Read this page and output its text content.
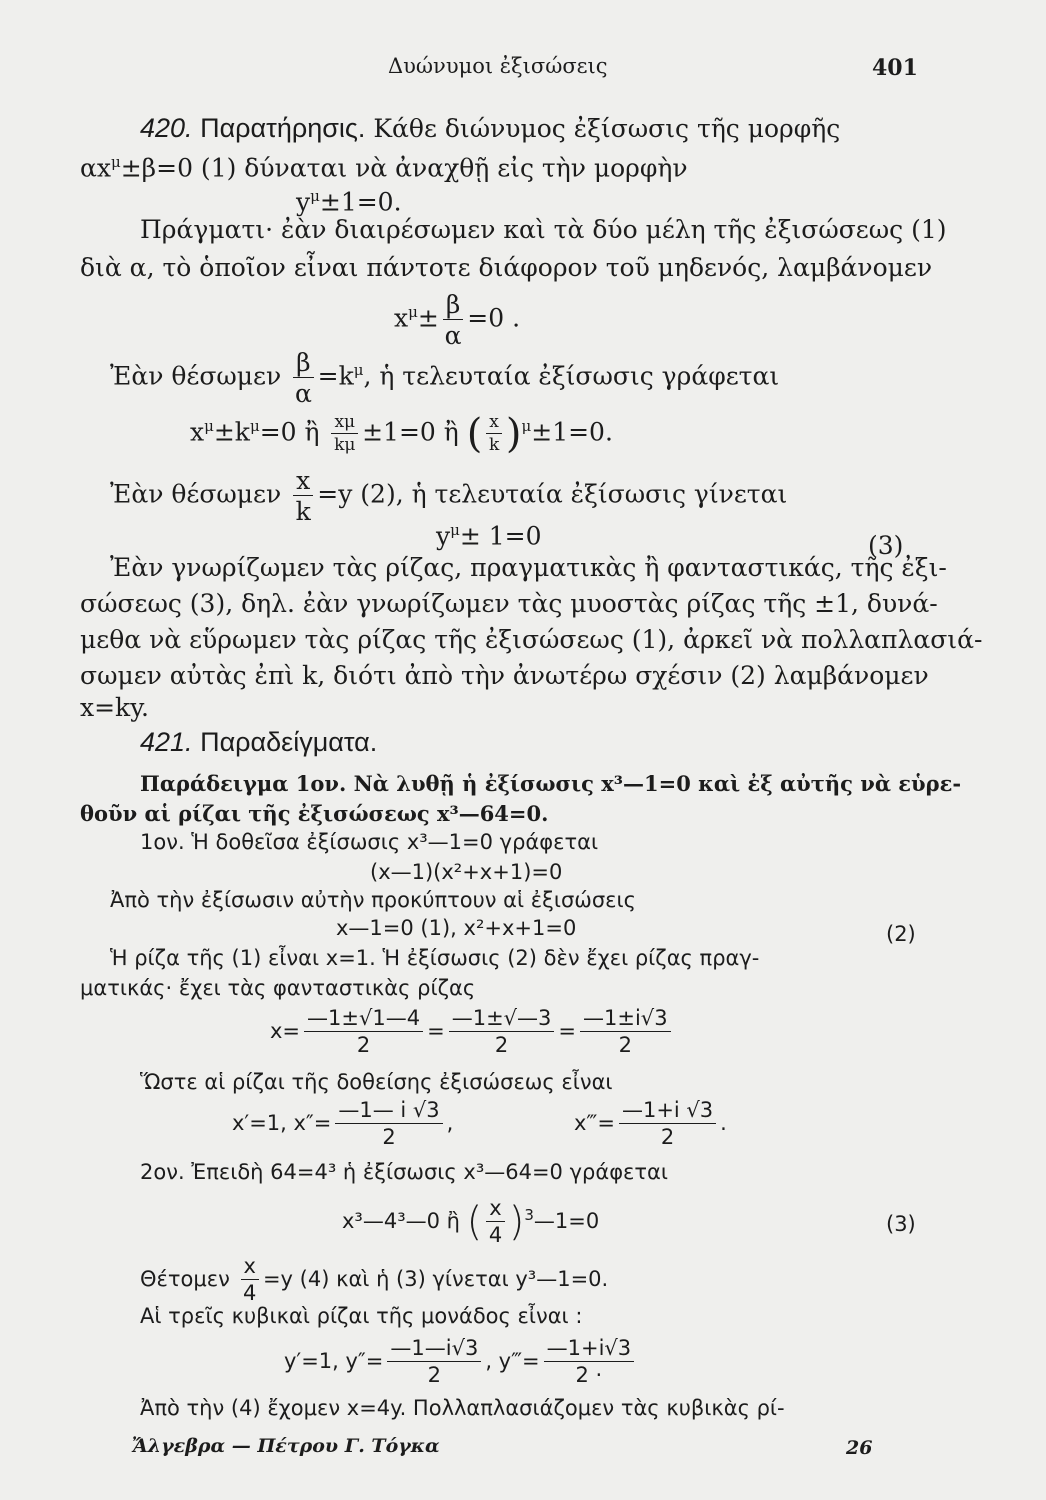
Δυώνυμοι ἐξισώσεις	401
420. Παρατήρησις. Κάθε διώνυμος ἐξίσωσις τῆς μορφῆς
$\alpha x^\mu\pm\beta=0$ (1) δύναται νὰ ἀναχθῇ εἰς τὴν μορφὴν
$y^\mu\pm 1=0$.
Πράγματι· ἐὰν διαιρέσωμεν καὶ τὰ δύο μέλη τῆς ἐξισώσεως (1)
διὰ α, τὸ ὁποῖον εἶναι πάντοτε διάφορον τοῦ μηδενός, λαμβάνομεν
$x^\mu\pm \frac{\beta}{\alpha} =0$ .
Ἐὰν θέσωμεν $\frac{\beta}{\alpha} =k^\mu$, ἡ τελευταία ἐξίσωσις γράφεται
$x^\mu\pm k^\mu=0$ ἢ $\frac{x\mu}{k\mu} \pm 1=0$ ἢ ( $\frac{x}{k} )^\mu\pm 1=0$.
Ἐὰν θέσωμεν $\frac{x}{k} =y$ (2), ἡ τελευταία ἐξίσωσις γίνεται
$y^\mu\pm 1=0$	(3)
Ἐὰν γνωρίζωμεν τὰς ρίζας, πραγματικὰς ἢ φανταστικάς, τῆς ἐξι-
σώσεως (3), δηλ. ἐὰν γνωρίζωμεν τὰς μυοστὰς ρίζας τῆς ±1, δυνά-
μεθα νὰ εὕρωμεν τὰς ρίζας τῆς ἐξισώσεως (1), ἀρκεῖ νὰ πολλαπλασιά-
σωμεν αὐτὰς ἐπὶ k, διότι ἀπὸ τὴν ἀνωτέρω σχέσιν (2) λαμβάνομεν
x=ky.
421. Παραδείγματα.
Παράδειγμα 1ον. Νὰ λυθῇ ἡ ἐξίσωσις x³—1=0 καὶ ἐξ αὐτῆς νὰ εὑρε-
θοῦν αἱ ρίζαι τῆς ἐξισώσεως x³—64=0.
1ον. Ἡ δοθεῖσα ἐξίσωσις x³—1=0 γράφεται
(x—1)(x²+x+1)=0
Ἀπὸ τὴν ἐξίσωσιν αὐτὴν προκύπτουν αἱ ἐξισώσεις
x—1=0 (1), x²+x+1=0	(2)
Ἡ ρίζα τῆς (1) εἶναι x=1. Ἡ ἐξίσωσις (2) δὲν ἔχει ρίζας πραγ-
ματικάς· ἔχει τὰς φανταστικὰς ρίζας
$x= \frac{—1\pm√1—4}{2} = \frac{—1\pm√—3}{2} = \frac{—1\pm i√3}{2}$
Ὥστε αἱ ρίζαι τῆς δοθείσης ἐξισώσεως εἶναι
x′=1, $x''= \frac{—1— i √3}{2}$ ,	x‴= $\frac{—1+i √3}{2}$ .
2ον. Ἐπειδὴ 64=4³ ἡ ἐξίσωσις x³—64=0 γράφεται
x³—4³—0 ἢ ( $\frac{x}{4}$ )$^3$—1=0	(3)
Θέτομεν $\frac{x}{4} =y$ (4) καὶ ἡ (3) γίνεται y³—1=0.
Αἱ τρεῖς κυβικαὶ ρίζαι τῆς μονάδος εἶναι :
y′=1, $y''= \frac{—1—i√3}{2}$ , y‴= $\frac{—1+i√3}{2 \cdot}$
Ἀπὸ τὴν (4) ἔχομεν x=4y. Πολλαπλασιάζομεν τὰς κυβικὰς ρί-
Ἄλγεβρα — Πέτρου Γ. Τόγκα	26
